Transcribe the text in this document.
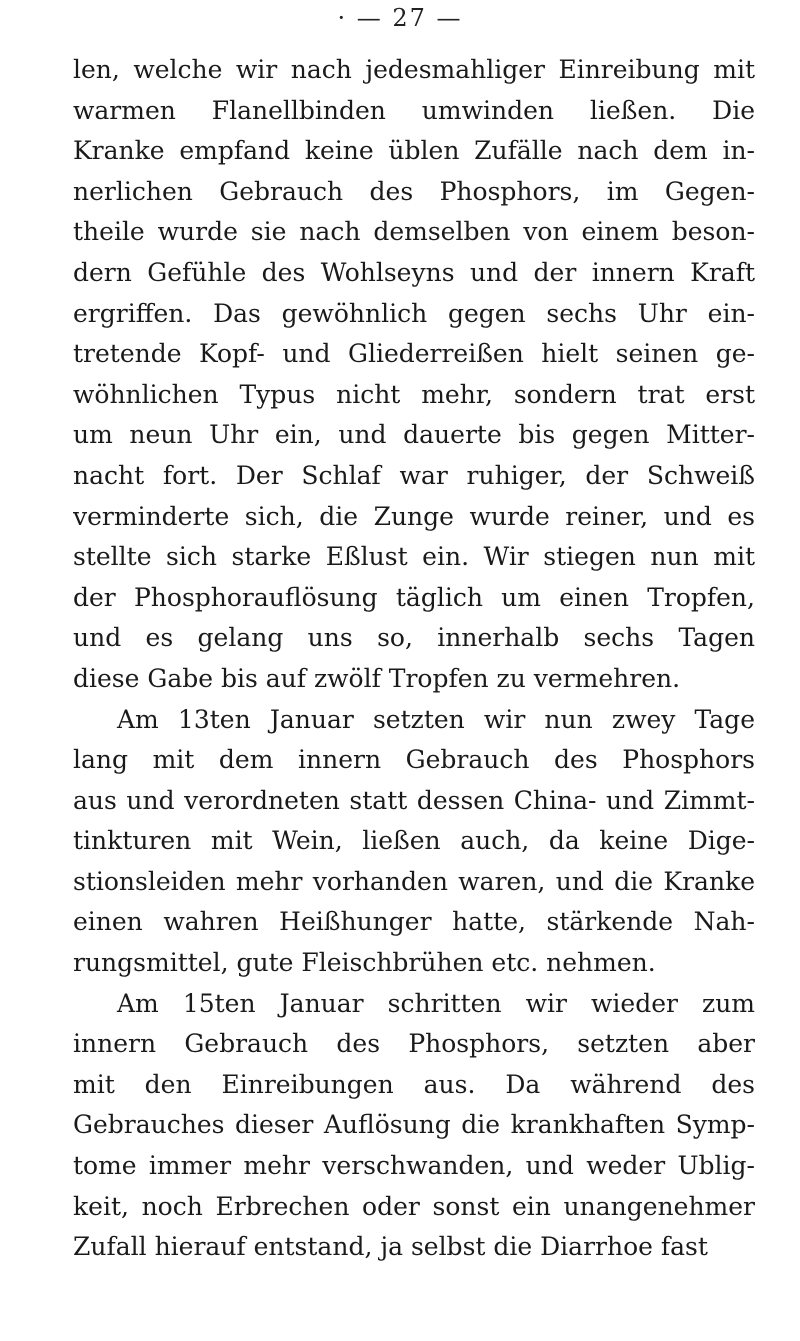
· — 27 —
len, welche wir nach jedesmahliger Einreibung mit
warmen Flanellbinden umwinden ließen. Die
Kranke empfand keine üblen Zufälle nach dem in-
nerlichen Gebrauch des Phosphors, im Gegen-
theile wurde sie nach demselben von einem beson-
dern Gefühle des Wohlseyns und der innern Kraft
ergriffen. Das gewöhnlich gegen sechs Uhr ein-
tretende Kopf- und Gliederreißen hielt seinen ge-
wöhnlichen Typus nicht mehr, sondern trat erst
um neun Uhr ein, und dauerte bis gegen Mitter-
nacht fort. Der Schlaf war ruhiger, der Schweiß
verminderte sich, die Zunge wurde reiner, und es
stellte sich starke Eßlust ein. Wir stiegen nun mit
der Phosphorauflösung täglich um einen Tropfen,
und es gelang uns so, innerhalb sechs Tagen
diese Gabe bis auf zwölf Tropfen zu vermehren.
Am 13ten Januar setzten wir nun zwey Tage
lang mit dem innern Gebrauch des Phosphors
aus und verordneten statt dessen China- und Zimmt-
tinkturen mit Wein, ließen auch, da keine Dige-
stionsleiden mehr vorhanden waren, und die Kranke
einen wahren Heißhunger hatte, stärkende Nah-
rungsmittel, gute Fleischbrühen etc. nehmen.
Am 15ten Januar schritten wir wieder zum
innern Gebrauch des Phosphors, setzten aber
mit den Einreibungen aus. Da während des
Gebrauches dieser Auflösung die krankhaften Symp-
tome immer mehr verschwanden, und weder Ublig-
keit, noch Erbrechen oder sonst ein unangenehmer
Zufall hierauf entstand, ja selbst die Diarrhoe fast
